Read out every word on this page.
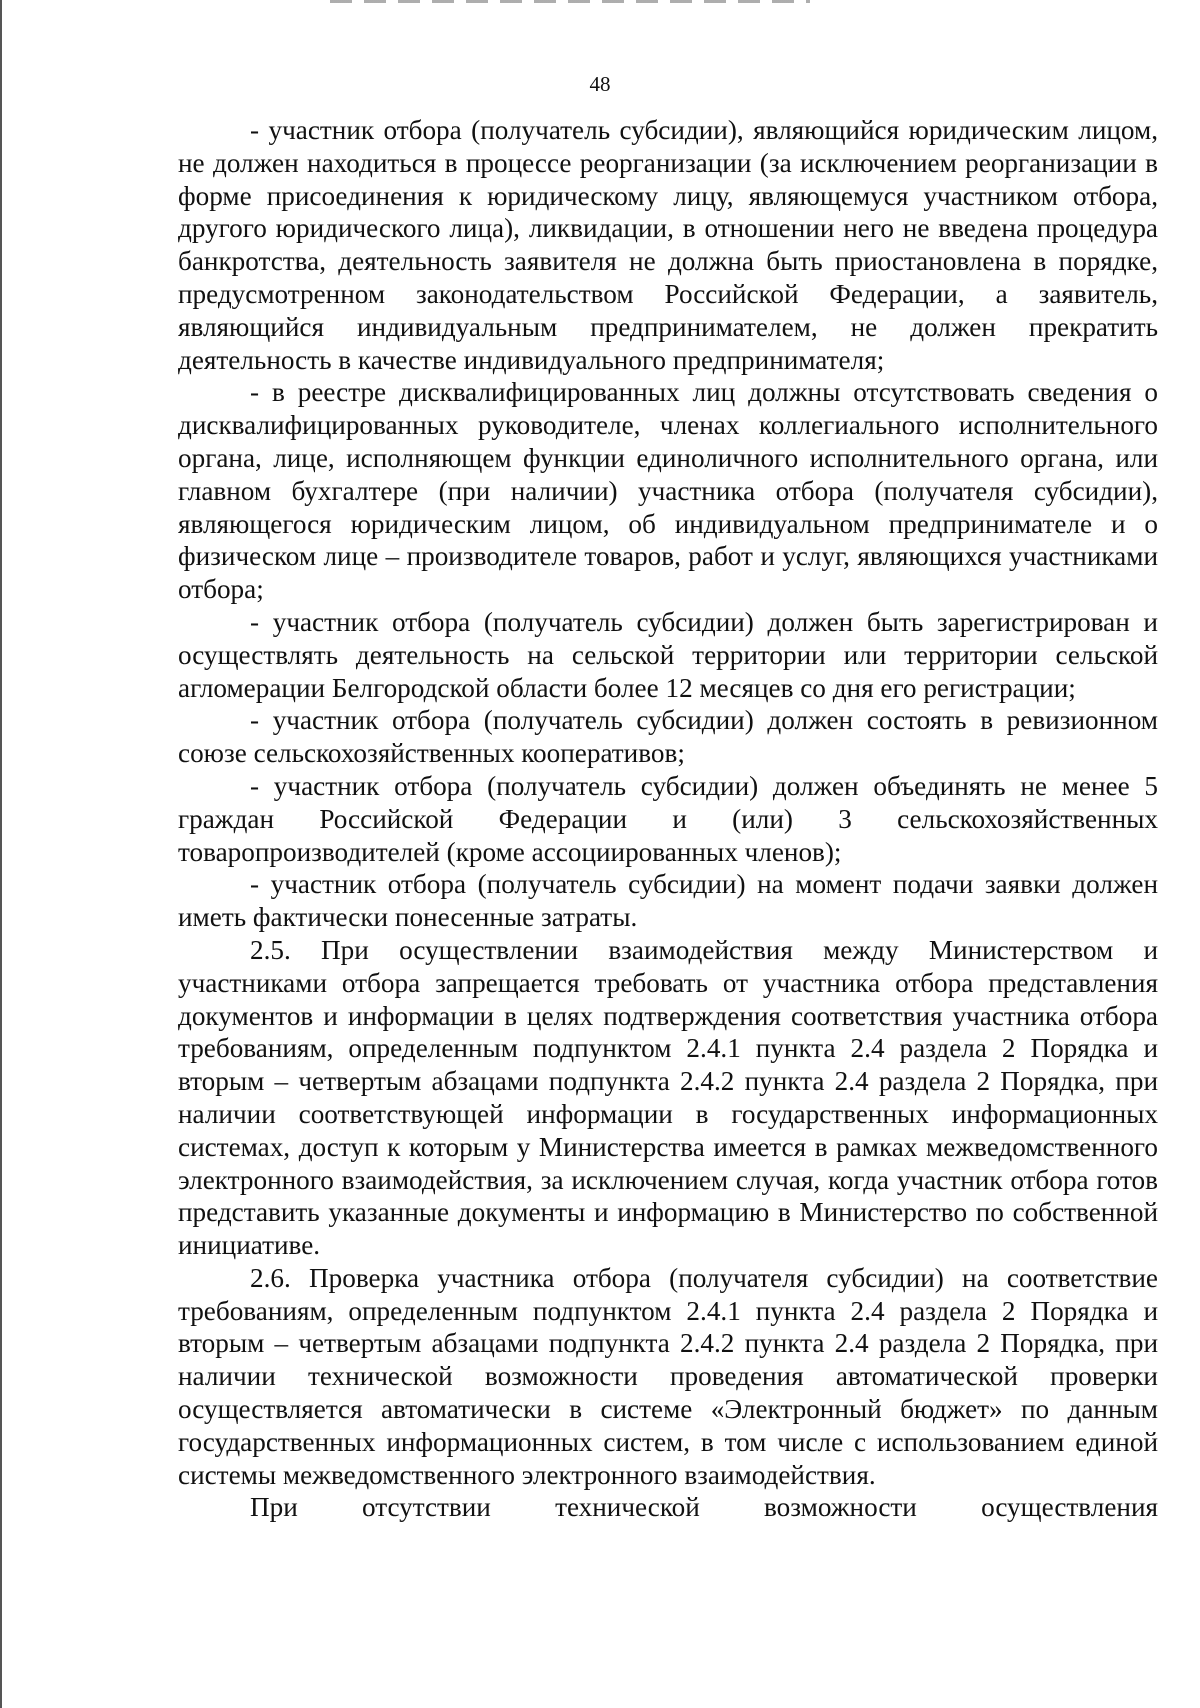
48

- участник отбора (получатель субсидии), являющийся юридическим лицом, не должен находиться в процессе реорганизации (за исключением реорганизации в форме присоединения к юридическому лицу, являющемуся участником отбора, другого юридического лица), ликвидации, в отношении него не введена процедура банкротства, деятельность заявителя не должна быть приостановлена в порядке, предусмотренном законодательством Российской Федерации, а заявитель, являющийся индивидуальным предпринимателем, не должен прекратить деятельность в качестве индивидуального предпринимателя;

- в реестре дисквалифицированных лиц должны отсутствовать сведения о дисквалифицированных руководителе, членах коллегиального исполнительного органа, лице, исполняющем функции единоличного исполнительного органа, или главном бухгалтере (при наличии) участника отбора (получателя субсидии), являющегося юридическим лицом, об индивидуальном предпринимателе и о физическом лице – производителе товаров, работ и услуг, являющихся участниками отбора;

- участник отбора (получатель субсидии) должен быть зарегистрирован и осуществлять деятельность на сельской территории или территории сельской агломерации Белгородской области более 12 месяцев со дня его регистрации;

- участник отбора (получатель субсидии) должен состоять в ревизионном союзе сельскохозяйственных кооперативов;

- участник отбора (получатель субсидии) должен объединять не менее 5 граждан Российской Федерации и (или) 3 сельскохозяйственных товаропроизводителей (кроме ассоциированных членов);

- участник отбора (получатель субсидии) на момент подачи заявки должен иметь фактически понесенные затраты.

2.5. При осуществлении взаимодействия между Министерством и участниками отбора запрещается требовать от участника отбора представления документов и информации в целях подтверждения соответствия участника отбора требованиям, определенным подпунктом 2.4.1 пункта 2.4 раздела 2 Порядка и вторым – четвертым абзацами подпункта 2.4.2 пункта 2.4 раздела 2 Порядка, при наличии соответствующей информации в государственных информационных системах, доступ к которым у Министерства имеется в рамках межведомственного электронного взаимодействия, за исключением случая, когда участник отбора готов представить указанные документы и информацию в Министерство по собственной инициативе.

2.6. Проверка участника отбора (получателя субсидии) на соответствие требованиям, определенным подпунктом 2.4.1 пункта 2.4 раздела 2 Порядка и вторым – четвертым абзацами подпункта 2.4.2 пункта 2.4 раздела 2 Порядка, при наличии технической возможности проведения автоматической проверки осуществляется автоматически в системе «Электронный бюджет» по данным государственных информационных систем, в том числе с использованием единой системы межведомственного электронного взаимодействия.

При отсутствии технической возможности осуществления
